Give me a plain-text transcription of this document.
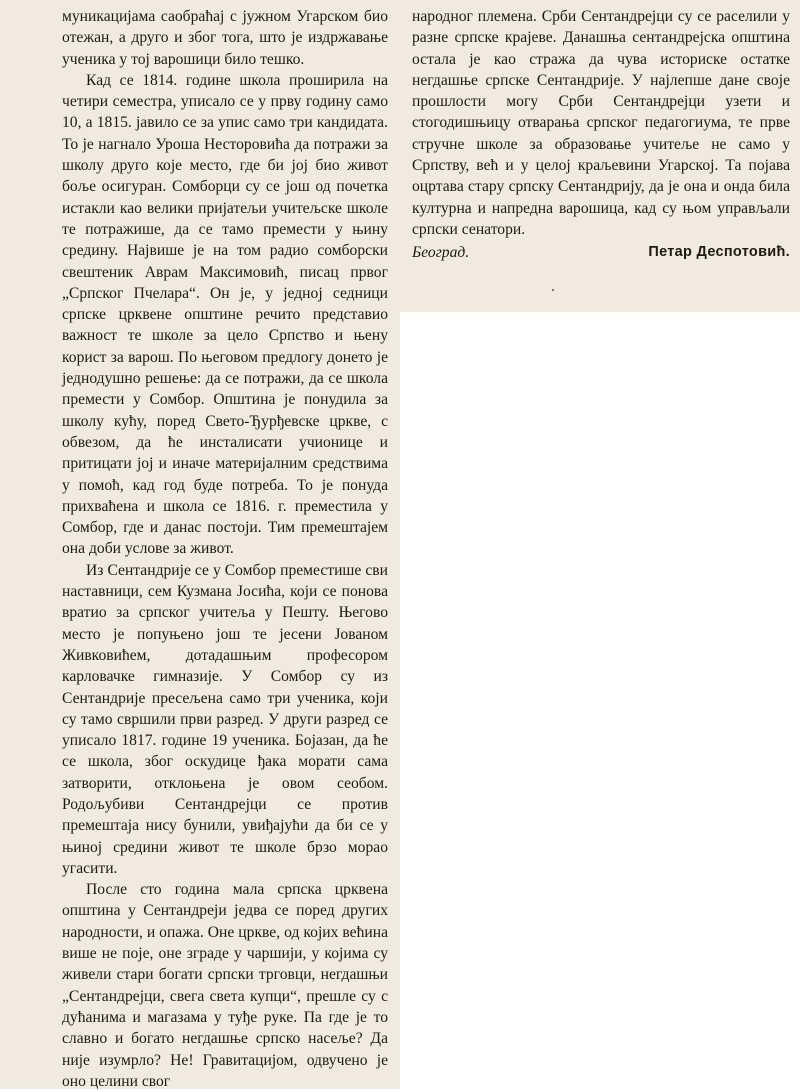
муникацијама саобраћај с јужном Угарском био отежан, а друго и због тога, што је издржавање ученика у тој варошици било тешко.

Кад се 1814. године школа проширила на четири семестра, уписало се у прву годину само 10, а 1815. јавило се за упис само три кандидата. То је нагнало Уроша Несторовића да потражи за школу друго које место, где би јој био живот боље осигуран. Сомборци су се још од почетка истакли као велики пријатељи учитељске школе те потражише, да се тамо премести у њину средину. Највише је на том радио сомборски свештеник Аврам Максимовић, писац првог „Српског Пчелара“. Он је, у једној седници српске црквене општине речито представио важност те школе за цело Српство и њену корист за варош. По његовом предлогу донето је једнодушно решење: да се потражи, да се школа премести у Сомбор. Општина је понудила за школу кућу, поред Свето-Ђурђевске цркве, с обвезом, да ће инсталисати учионице и притицати јој и иначе материјалним средствима у помоћ, кад год буде потреба. То је понуда прихваћена и школа се 1816. г. преместила у Сомбор, где и данас постоји. Тим премештајем она доби услове за живот.

Из Сентандрије се у Сомбор преместише сви наставници, сем Кузмана Јосића, који се понова вратио за српског учитеља у Пешту. Његово место је попуњено још те јесени Јованом Живковићем, дотадашњим професором карловачке гимназије. У Сомбор су из Сентандрије пресељена само три ученика, који су тамо свршили први разред. У други разред се уписало 1817. године 19 ученика. Бојазан, да ће се школа, због оскудице ђака морати сама затворити, отклоњена је овом сеобом. Родољубиви Сентандрејци се против премештаја нису бунили, увиђајући да би се у њиној средини живот те школе брзо морао угасити.

После сто година мала српска црквена општина у Сентандреји једва се поред других народности, и опажа. Оне цркве, од којих већина више не поје, оне зграде у чаршији, у којима су живели стари богати српски трговци, негдашњи „Сентандрејци, свега света купци“, прешле су с дућанима и магазама у туђе руке. Па где је то славно и богато негдашње српско насеље? Да није изумрло? Не! Гравитацијом, одвучено је оно целини свог

народног племена. Срби Сентандрејци су се раселили у разне српске крајеве. Данашња сентандрејска општина остала је као стража да чува историске остатке негдашње српске Сентандрије. У најлепше дане своје прошлости могу Срби Сентандрејци узети и стогодишњицу отварања српског педагогиума, те прве стручне школе за образовање учитеље не само у Српству, већ и у целој краљевини Угарској. Та појава оцртава стару српску Сентандрију, да је она и онда била културна и напредна варошица, кад су њом управљали српски сенатори.

Београд.	Петар Деспотовић.
